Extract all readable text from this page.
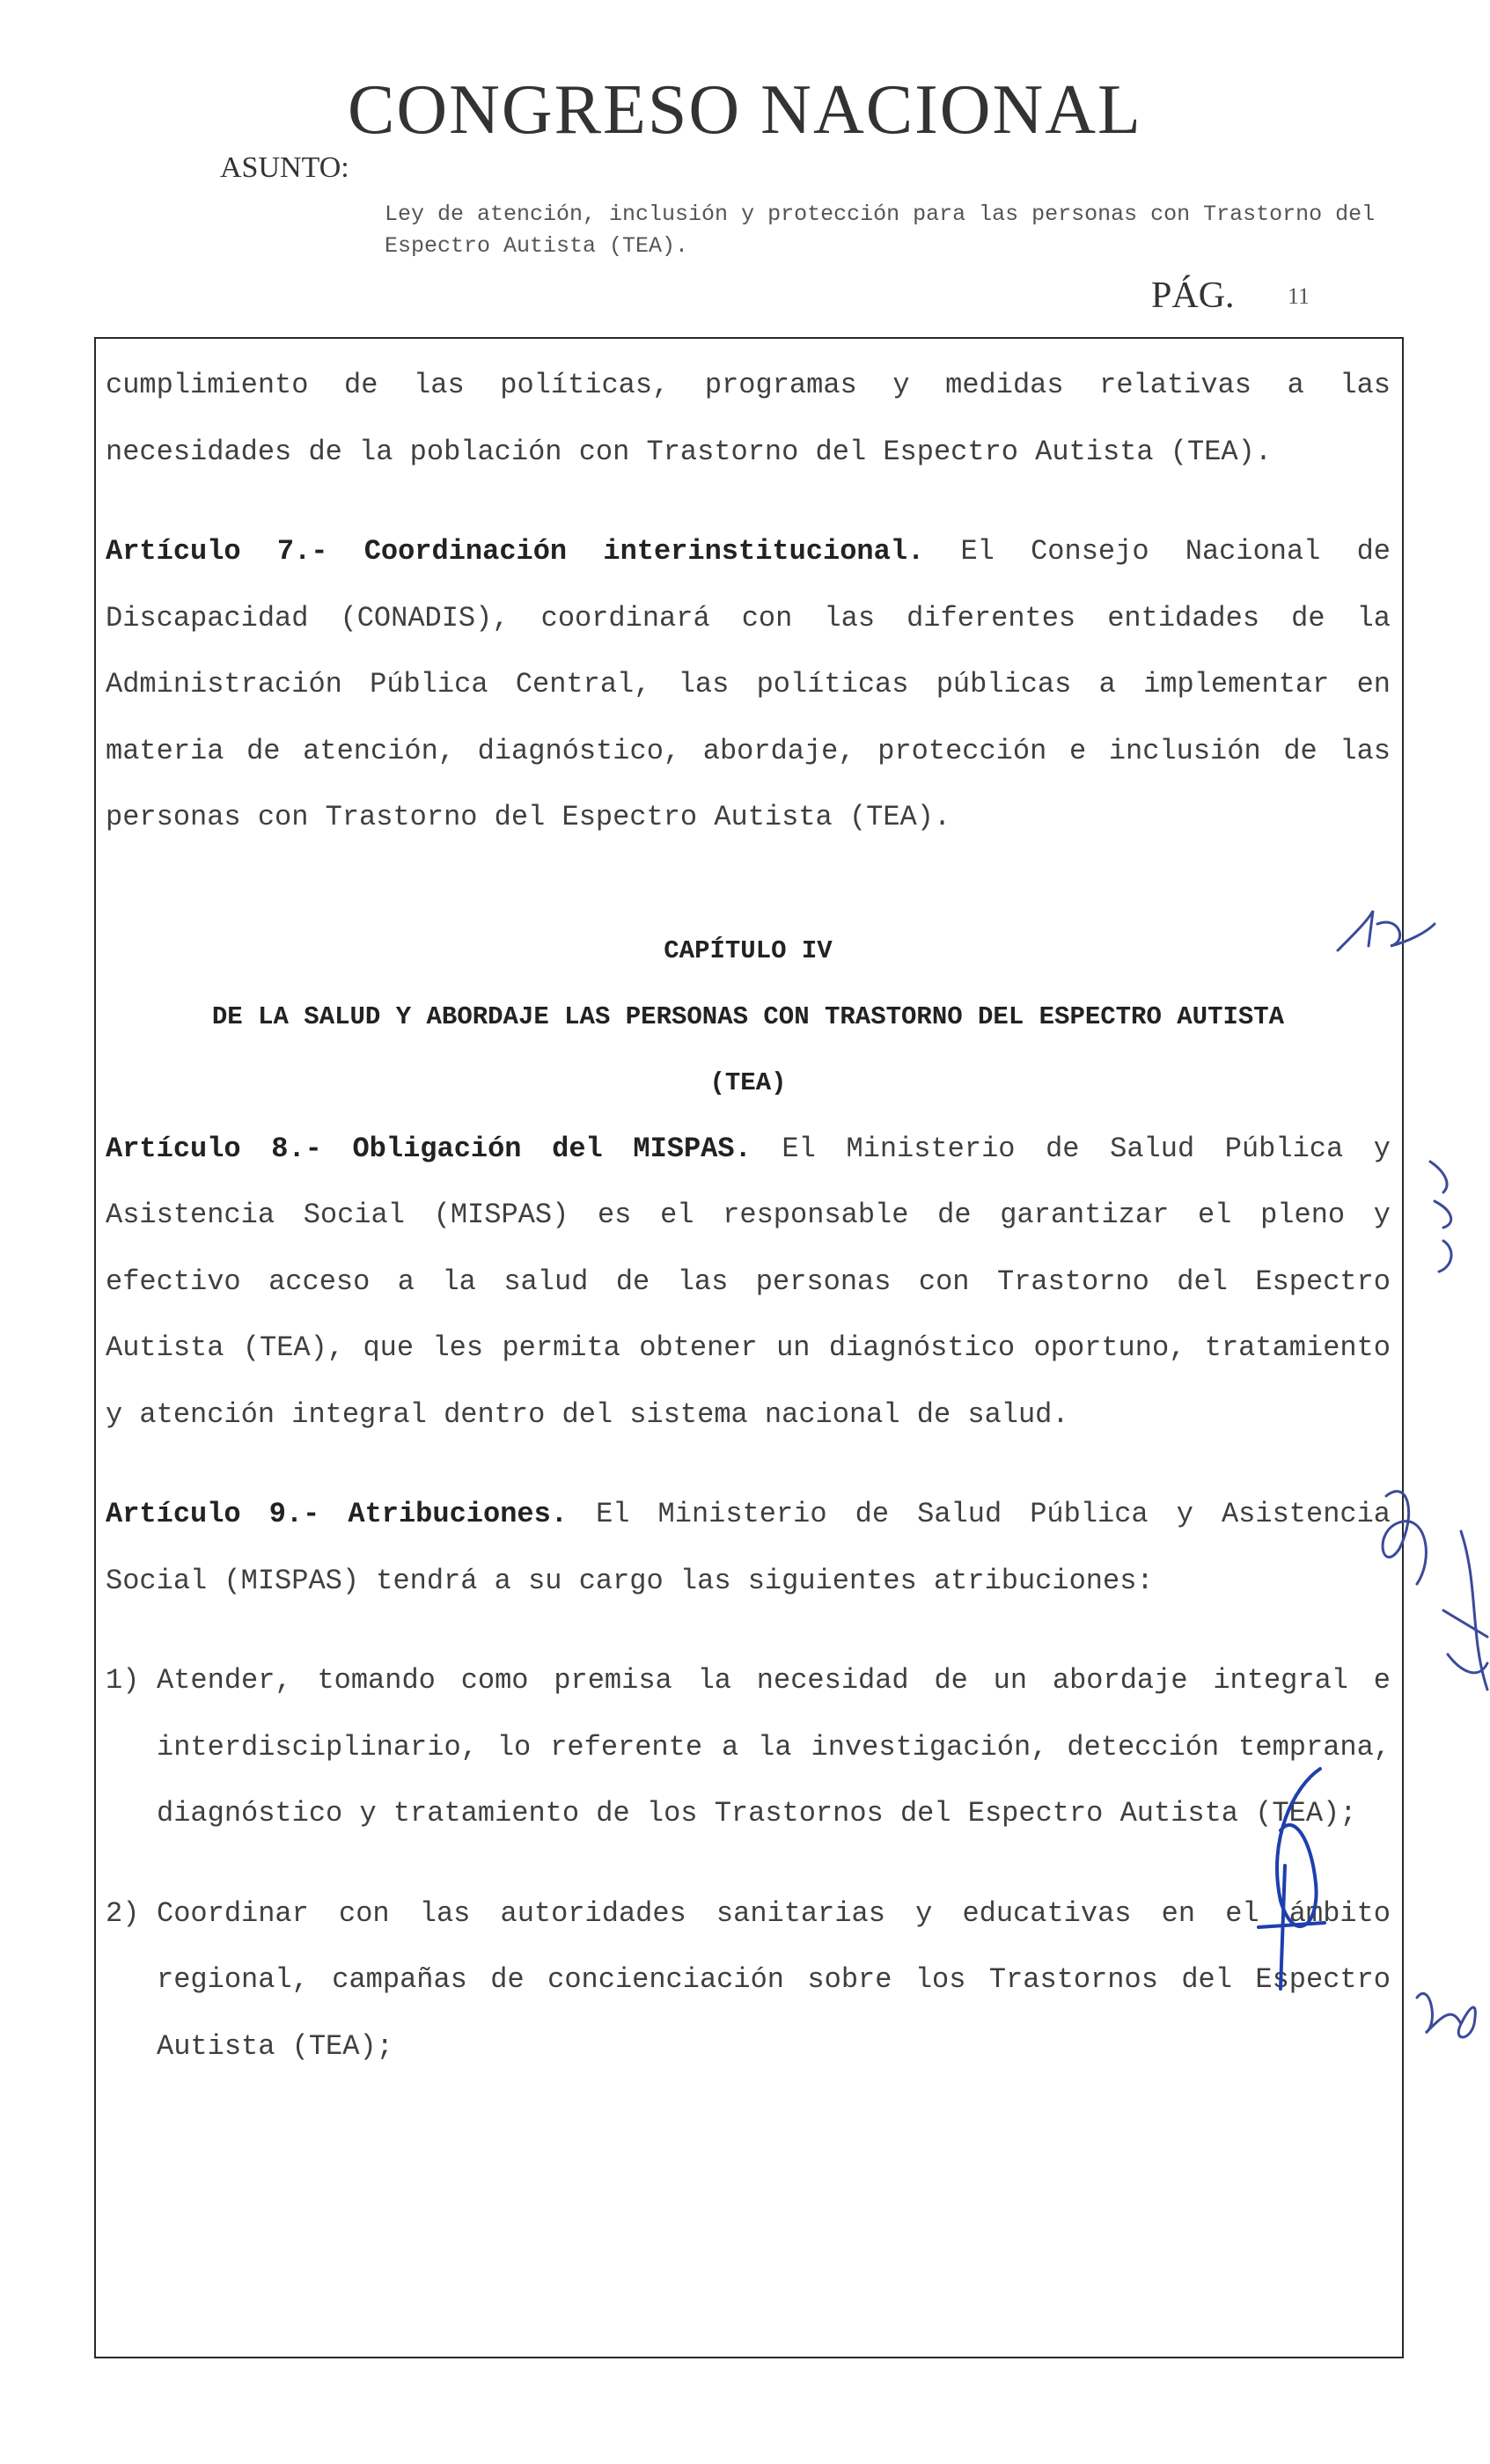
CONGRESO NACIONAL
ASUNTO:
Ley de atención, inclusión y protección para las personas con Trastorno del Espectro Autista (TEA).
PÁG. 11

cumplimiento de las políticas, programas y medidas relativas a las necesidades de la población con Trastorno del Espectro Autista (TEA).

Artículo 7.- Coordinación interinstitucional. El Consejo Nacional de Discapacidad (CONADIS), coordinará con las diferentes entidades de la Administración Pública Central, las políticas públicas a implementar en materia de atención, diagnóstico, abordaje, protección e inclusión de las personas con Trastorno del Espectro Autista (TEA).

CAPÍTULO IV

DE LA SALUD Y ABORDAJE LAS PERSONAS CON TRASTORNO DEL ESPECTRO AUTISTA

(TEA)

Artículo 8.- Obligación del MISPAS. El Ministerio de Salud Pública y Asistencia Social (MISPAS) es el responsable de garantizar el pleno y efectivo acceso a la salud de las personas con Trastorno del Espectro Autista (TEA), que les permita obtener un diagnóstico oportuno, tratamiento y atención integral dentro del sistema nacional de salud.

Artículo 9.- Atribuciones. El Ministerio de Salud Pública y Asistencia Social (MISPAS) tendrá a su cargo las siguientes atribuciones:

1) Atender, tomando como premisa la necesidad de un abordaje integral e interdisciplinario, lo referente a la investigación, detección temprana, diagnóstico y tratamiento de los Trastornos del Espectro Autista (TEA);
2) Coordinar con las autoridades sanitarias y educativas en el ámbito regional, campañas de concienciación sobre los Trastornos del Espectro Autista (TEA);
